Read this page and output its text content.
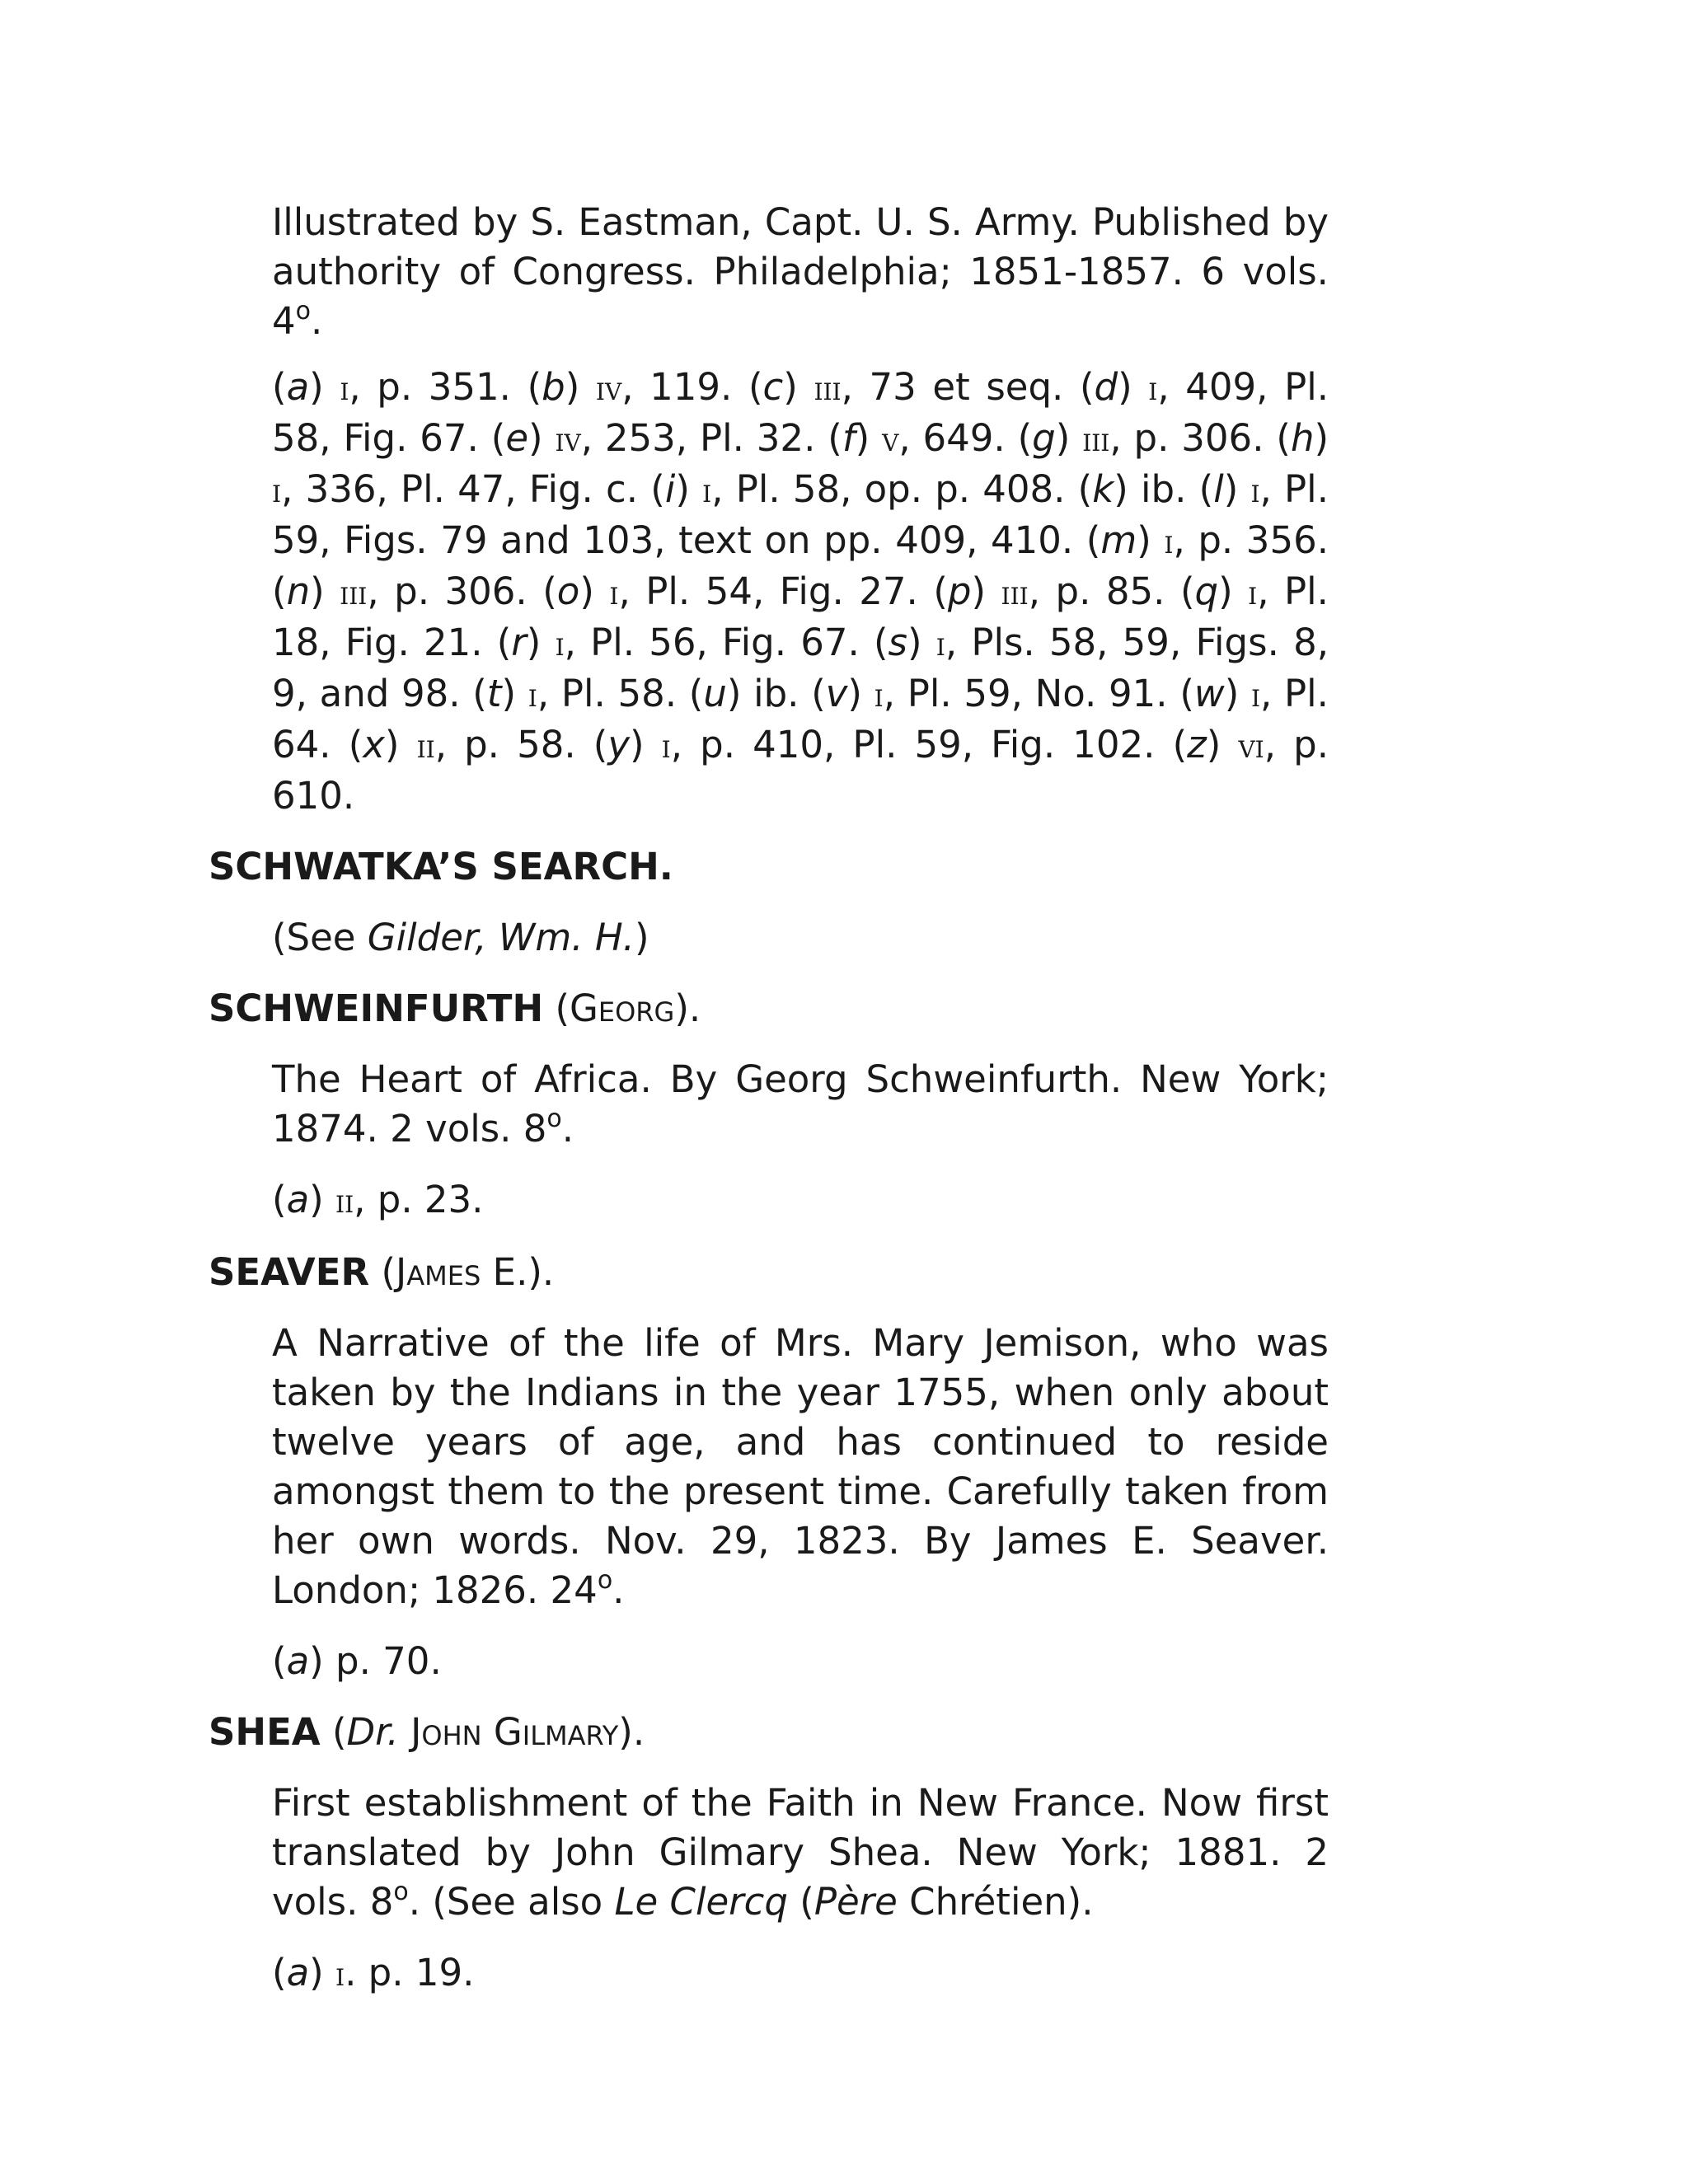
Illustrated by S. Eastman, Capt. U. S. Army. Published by authority of Congress. Philadelphia; 1851-1857. 6 vols. 4$^o$.

(a) i, p. 351. (b) iv, 119. (c) iii, 73 et seq. (d) i, 409, Pl. 58, Fig. 67. (e) iv, 253, Pl. 32. (f) v, 649. (g) iii, p. 306. (h) i, 336, Pl. 47, Fig. c. (i) i, Pl. 58, op. p. 408. (k) ib. (l) i, Pl. 59, Figs. 79 and 103, text on pp. 409, 410. (m) i, p. 356. (n) iii, p. 306. (o) i, Pl. 54, Fig. 27. (p) iii, p. 85. (q) i, Pl. 18, Fig. 21. (r) i, Pl. 56, Fig. 67. (s) i, Pls. 58, 59, Figs. 8, 9, and 98. (t) i, Pl. 58. (u) ib. (v) i, Pl. 59, No. 91. (w) i, Pl. 64. (x) ii, p. 58. (y) i, p. 410, Pl. 59, Fig. 102. (z) vi, p. 610.

SCHWATKA’S SEARCH.

(See Gilder, Wm. H.)

SCHWEINFURTH (Georg).

The Heart of Africa. By Georg Schweinfurth. New York; 1874. 2 vols. 8$^o$.

(a) ii, p. 23.

SEAVER (James E.).

A Narrative of the life of Mrs. Mary Jemison, who was taken by the Indians in the year 1755, when only about twelve years of age, and has continued to reside amongst them to the present time. Carefully taken from her own words. Nov. 29, 1823. By James E. Seaver. London; 1826. 24$^o$.

(a) p. 70.

SHEA (Dr. John Gilmary).

First establishment of the Faith in New France. Now first translated by John Gilmary Shea. New York; 1881. 2 vols. 8$^o$. (See also Le Clercq (Père Chrétien).

(a) i. p. 19.
